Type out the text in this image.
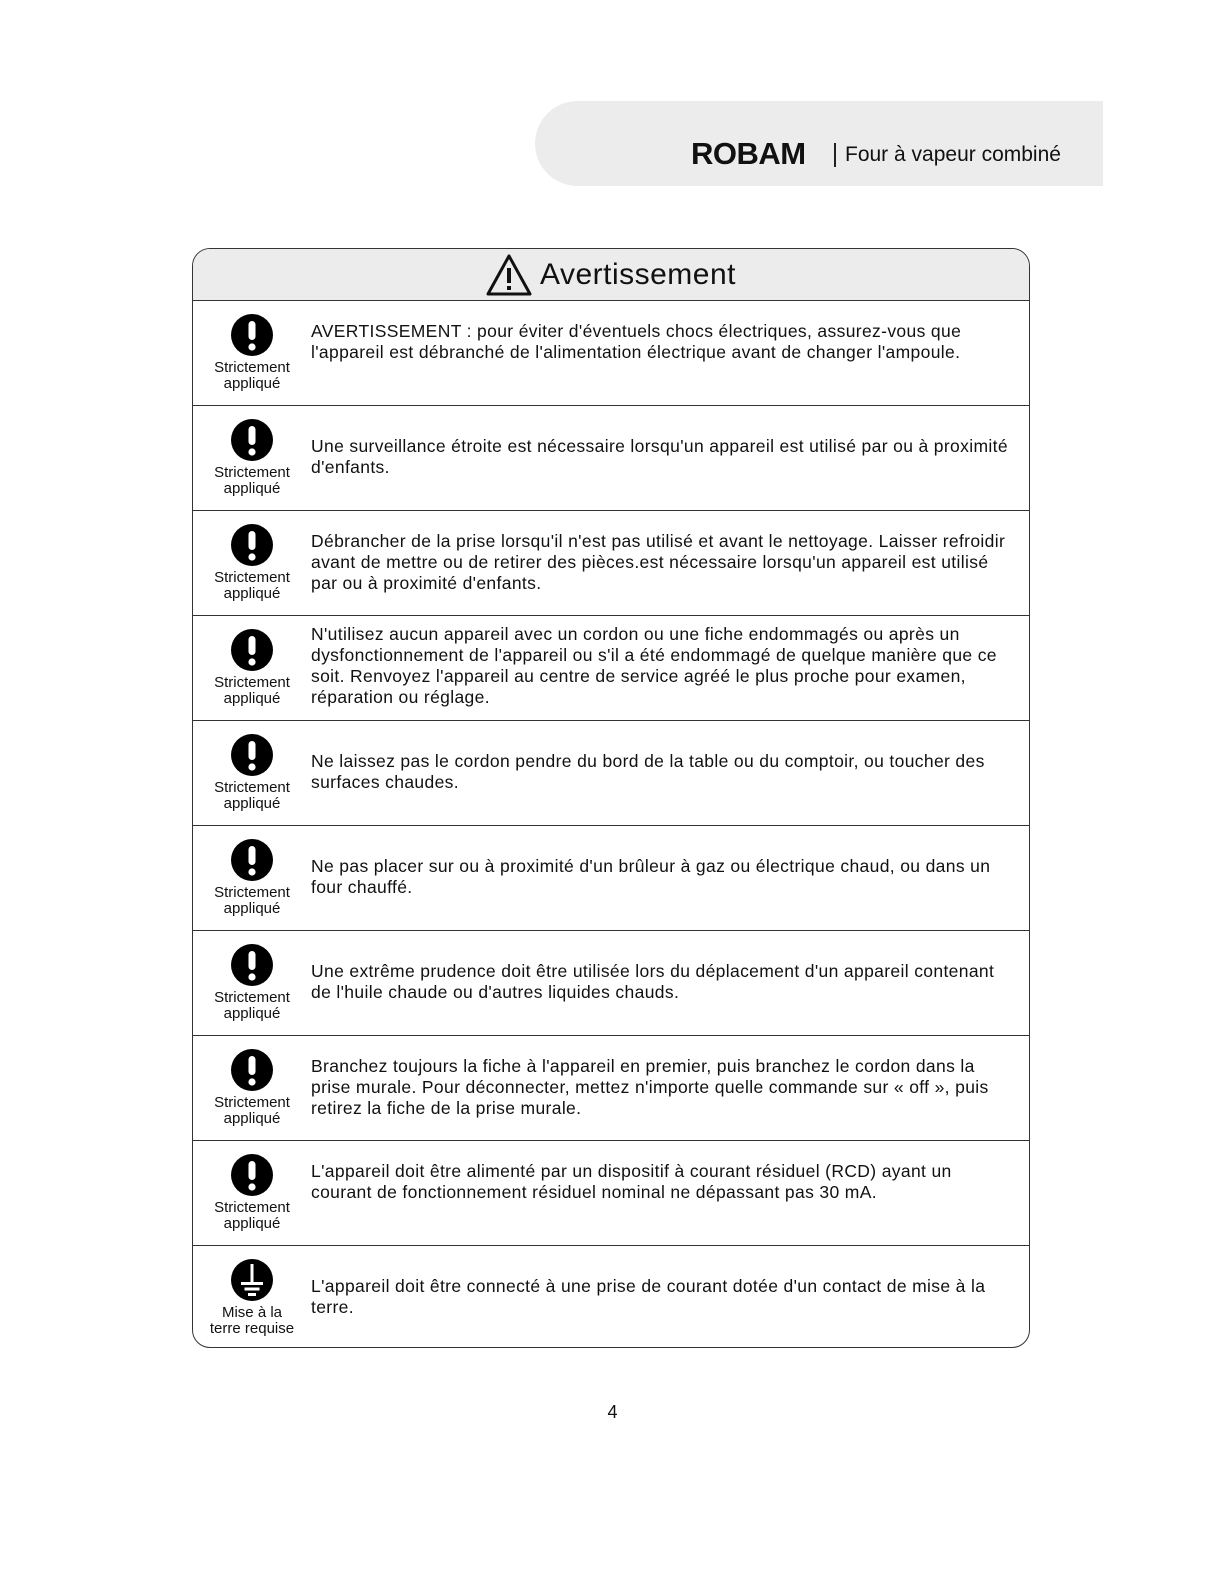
ROBAM Four à vapeur combiné
Avertissement
Strictement
appliqué
AVERTISSEMENT : pour éviter d'éventuels chocs électriques, assurez-vous que l'appareil est débranché de l'alimentation électrique avant de changer l'ampoule.
Strictement
appliqué
Une surveillance étroite est nécessaire lorsqu'un appareil est utilisé par ou à proximité d'enfants.
Strictement
appliqué
Débrancher de la prise lorsqu'il n'est pas utilisé et avant le nettoyage. Laisser refroidir avant de mettre ou de retirer des pièces.est nécessaire lorsqu'un appareil est utilisé par ou à proximité d'enfants.
Strictement
appliqué
N'utilisez aucun appareil avec un cordon ou une fiche endommagés ou après un dysfonctionnement de l'appareil ou s'il a été endommagé de quelque manière que ce soit. Renvoyez l'appareil au centre de service agréé le plus proche pour examen, réparation ou réglage.
Strictement
appliqué
Ne laissez pas le cordon pendre du bord de la table ou du comptoir, ou toucher des surfaces chaudes.
Strictement
appliqué
Ne pas placer sur ou à proximité d'un brûleur à gaz ou électrique chaud, ou dans un four chauffé.
Strictement
appliqué
Une extrême prudence doit être utilisée lors du déplacement d'un appareil contenant de l'huile chaude ou d'autres liquides chauds.
Strictement
appliqué
Branchez toujours la fiche à l'appareil en premier, puis branchez le cordon dans la prise murale. Pour déconnecter, mettez n'importe quelle commande sur « off », puis retirez la fiche de la prise murale.
Strictement
appliqué
L'appareil doit être alimenté par un dispositif à courant résiduel (RCD) ayant un courant de fonctionnement résiduel nominal ne dépassant pas 30 mA.
Mise à la
terre requise
L'appareil doit être connecté à une prise de courant dotée d'un contact de mise à la terre.
4
